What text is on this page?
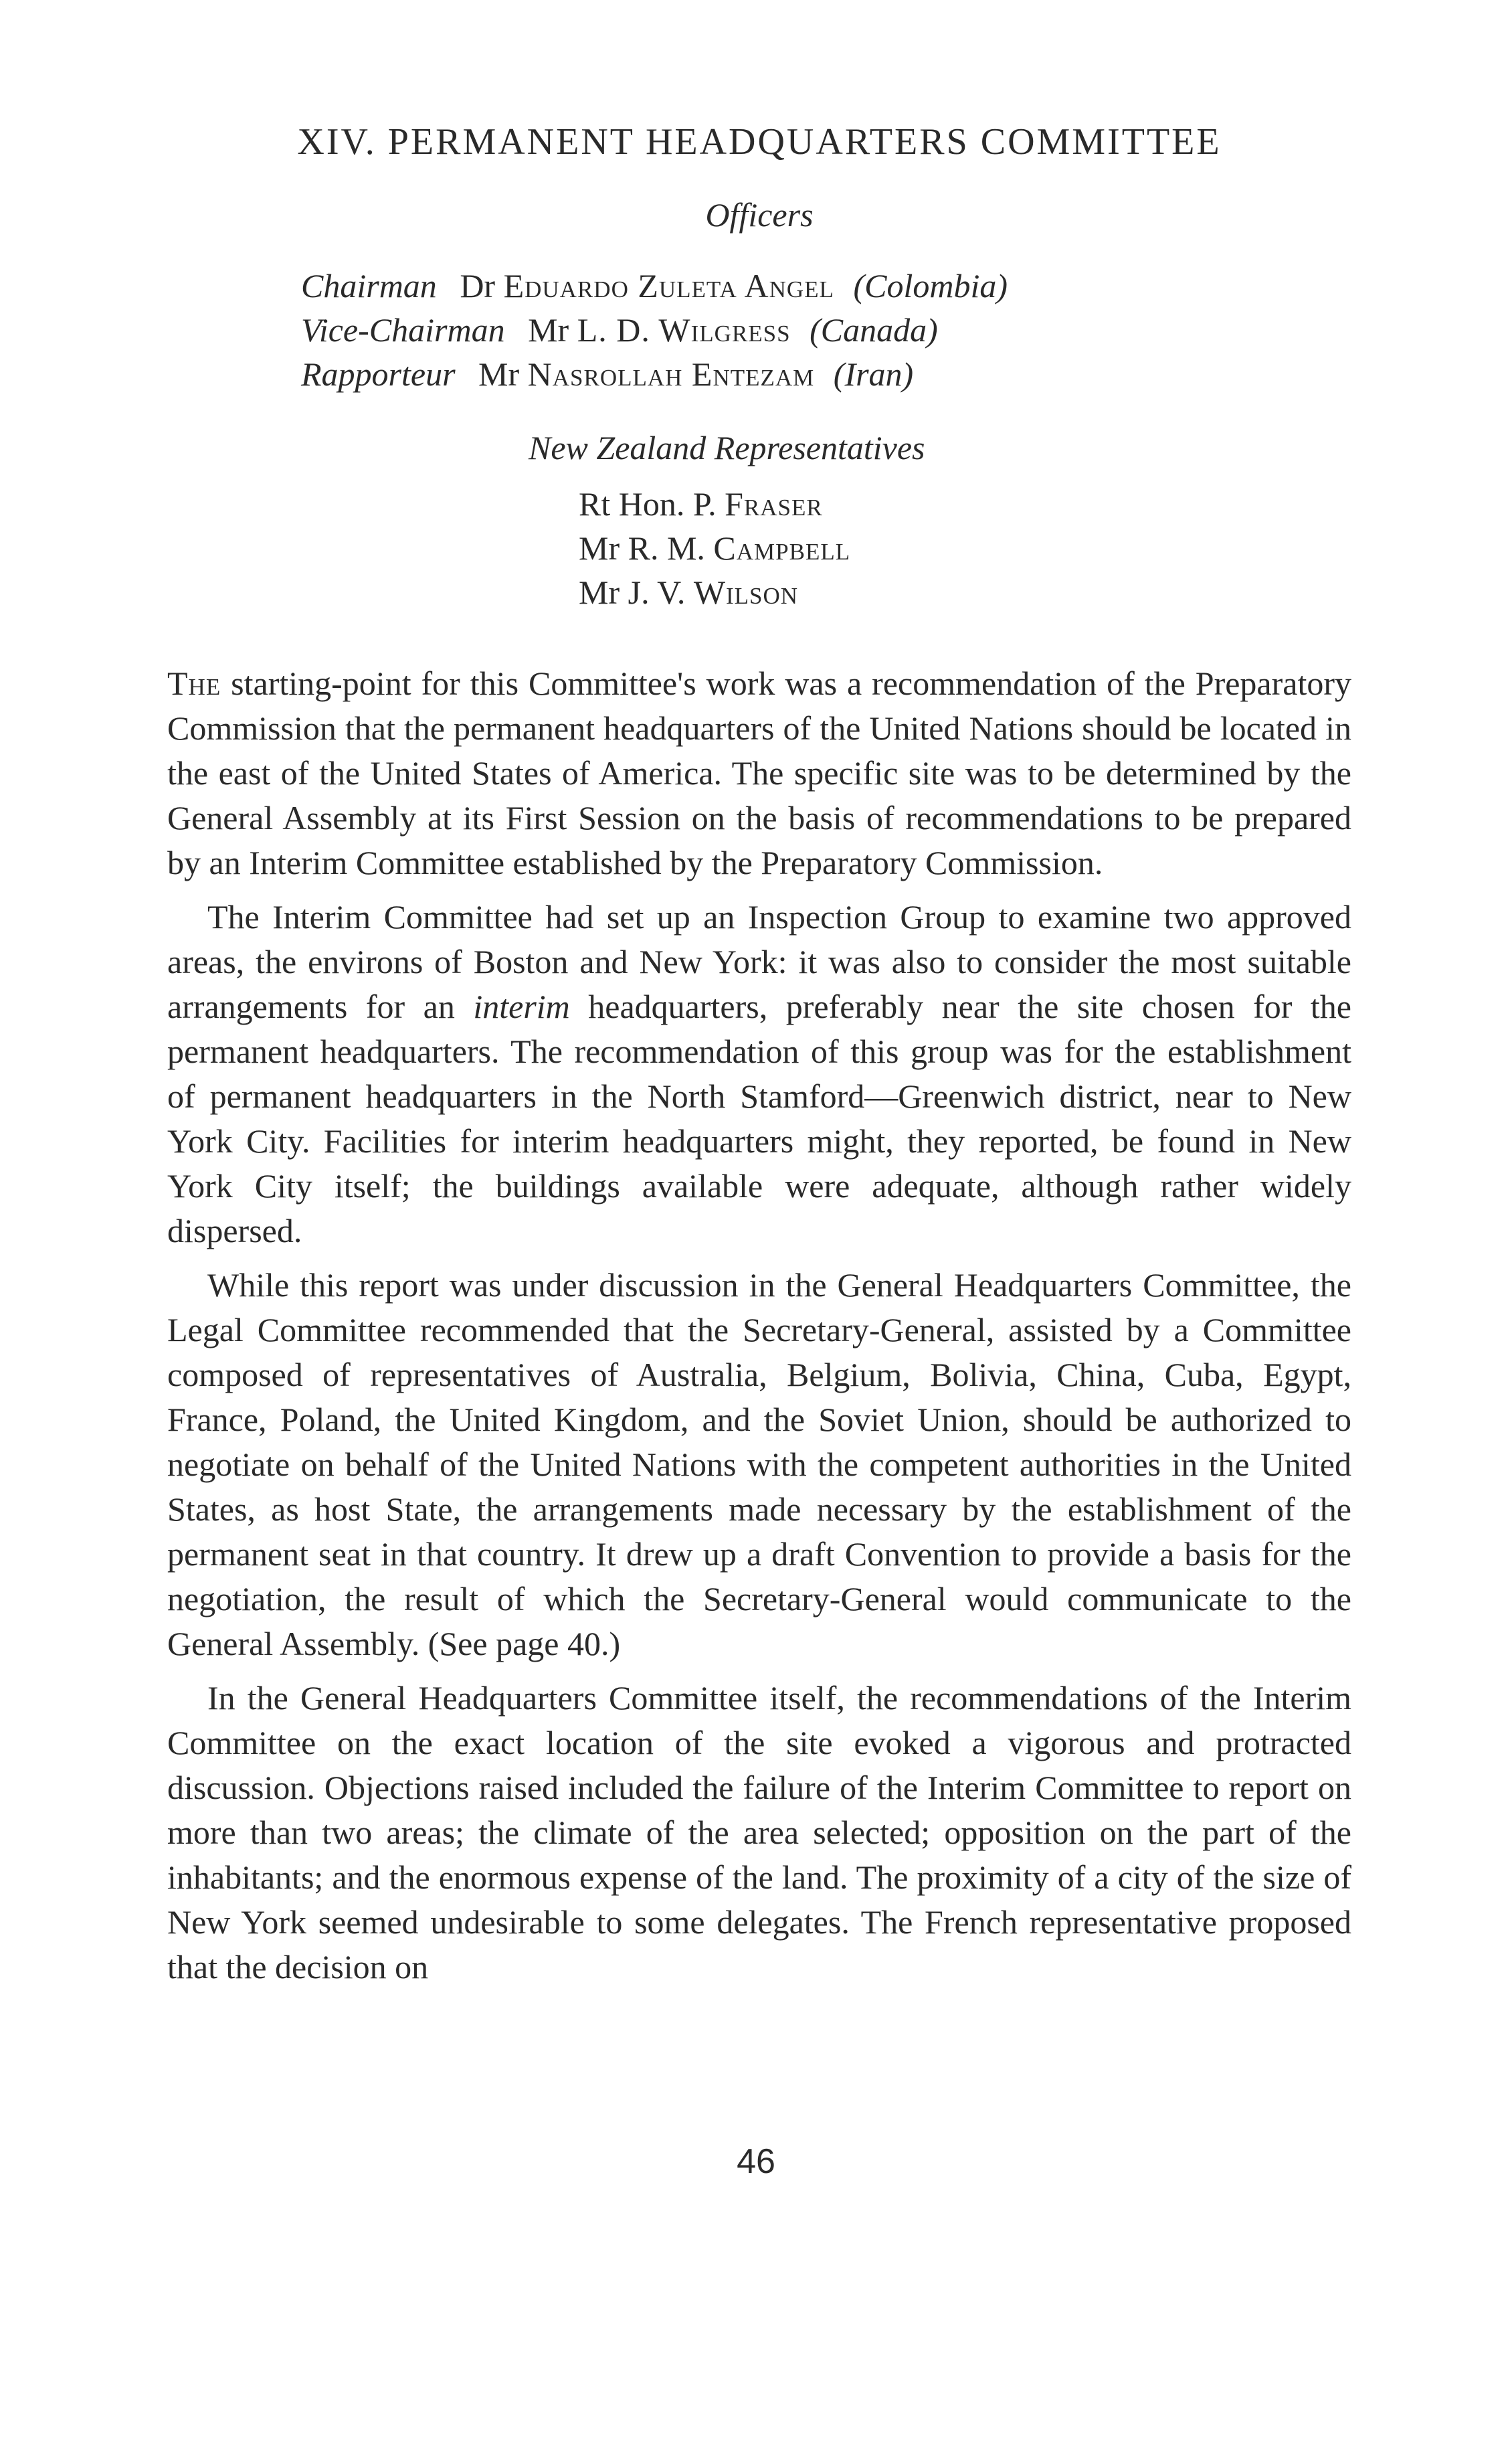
XIV. PERMANENT HEADQUARTERS COMMITTEE
Officers
Chairman Dr Eduardo Zuleta Angel (Colombia)
Vice-Chairman Mr L. D. Wilgress (Canada)
Rapporteur Mr Nasrollah Entezam (Iran)
New Zealand Representatives
Rt Hon. P. Fraser
Mr R. M. Campbell
Mr J. V. Wilson

The starting-point for this Committee's work was a recommendation of the Preparatory Commission that the permanent headquarters of the United Nations should be located in the east of the United States of America. The specific site was to be determined by the General Assembly at its First Session on the basis of recommendations to be prepared by an Interim Committee established by the Preparatory Commission.

The Interim Committee had set up an Inspection Group to examine two approved areas, the environs of Boston and New York: it was also to consider the most suitable arrangements for an interim headquarters, preferably near the site chosen for the permanent headquarters. The recommendation of this group was for the establishment of permanent headquarters in the North Stamford—Greenwich district, near to New York City. Facilities for interim headquarters might, they reported, be found in New York City itself; the buildings available were adequate, although rather widely dispersed.

While this report was under discussion in the General Headquarters Committee, the Legal Committee recommended that the Secretary-General, assisted by a Committee composed of representatives of Australia, Belgium, Bolivia, China, Cuba, Egypt, France, Poland, the United Kingdom, and the Soviet Union, should be authorized to negotiate on behalf of the United Nations with the competent authorities in the United States, as host State, the arrangements made necessary by the establishment of the permanent seat in that country. It drew up a draft Convention to provide a basis for the negotiation, the result of which the Secretary-General would communicate to the General Assembly. (See page 40.)

In the General Headquarters Committee itself, the recommendations of the Interim Committee on the exact location of the site evoked a vigorous and protracted discussion. Objections raised included the failure of the Interim Committee to report on more than two areas; the climate of the area selected; opposition on the part of the inhabitants; and the enormous expense of the land. The proximity of a city of the size of New York seemed undesirable to some delegates. The French representative proposed that the decision on

46
